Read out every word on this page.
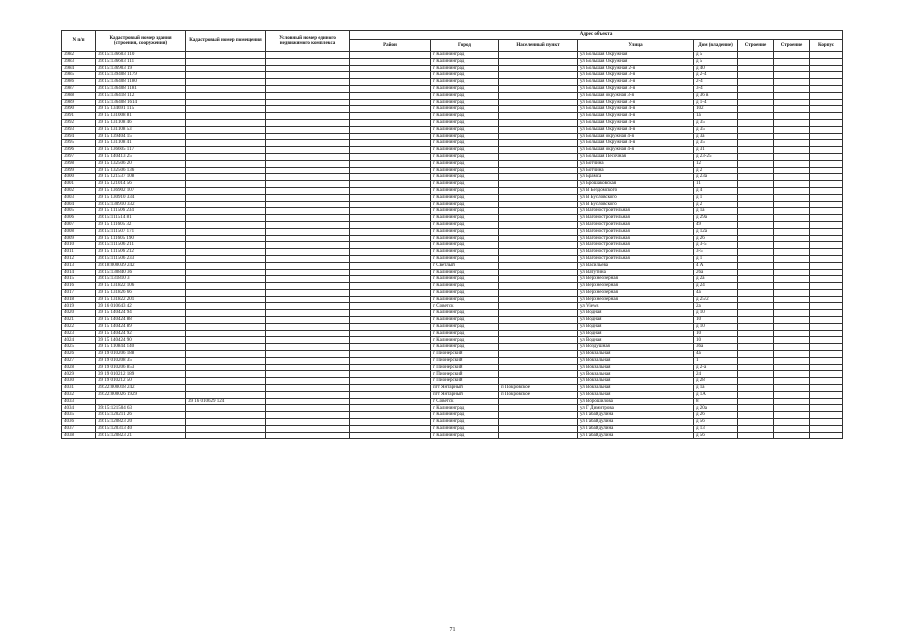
N п/п	Кадастровый номер здания (строения, сооружения)	Кадастровый номер помещения	Условный номер единого недвижимого комплекса	Адрес объекта							
				Район	Город	Населенный пункт	Улица	Дом (владение)	Строение	Строение	Корпус
3982	39:15:136603 110				г Калининград		ул Большая Окружная	д 5			
3983	39:15:136603 111				г Калининград		ул Большая Окружная	д 5			
3984	39:15:136903 19				г Калининград		ул Большая Окружная 2-я	д 40			
3985	39:15:139408 1179				г Калининград		ул Большая Окружная 3-я	д 2-4			
3986	39:15:136408 1180				г Калининград		ул Большая Окружная 3-я	2-4			
3987	39:15:136408 1181				г Калининград		ул Большая Окружная 3-я	3-4			
3988	39:15:136418 112				г Калининград		ул Большая окружная 3-я	д 36 в			
3989	39:15:136408 1614				г Калининград		ул Большая Окружная 3-я	д 1-4			
3990	39 15 134691 115				г Калининград		ул Большая Окружная 4-я	102			
3991	39 15 131008 81				г Калининград		ул Большая Окружная 4-я	1а			
3992	39 15 131108 46				г Калининград		ул Большая Окружная 4-я	д 35			
3993	39 15 131108 53				г Калининград		ул Большая Окружная 4-я	д 35			
3994	39 15 139404 15				г Калининград		ул Большая окружная 4-я	д 3а			
3995	39 15 131108 41				г Калининград		ул Большая Окружная 4-я	д 35			
3996	39 15 136605 117				г Калининград		ул Большая окружная 4-я	д 31			
3997	39 15 140413 25				г Калининград		ул Большая Песочная	д 23-25			
3998	39 15 132506 20				г Калининград		ул Ботчина	12			
3999	39 15 132506 136				г Калининград		ул Ботчина	д 2			
4000	39 15 121537 108				г Калининград		ул Брамса	д 23а			
4001	39 15 121014 56				г Калининград		ул Брошаковская	11			
4002	39 15 136902 107				г Калининград		ул В Бездомского	д 4			
4003	39 15 130910 334				г Калининград		ул В Бусловского	д 1			
4004	39:15:130910 332				г Калининград		ул В Бусловского	д 2			
4005	39 15 111506 234				г Калининград		ул Вагоностроительная	д 1а			
4006	39:15:111514 81				г Калининград		ул Вагоностроительная	д 29а			
4007	39 15 111605 32				г Калининград		ул Вагоностроительная	49			
4008	39:15:111507 171				г Калининград		ул Вагоностроительная	д 12а			
4009	39 15 111605 190				г Калининград		ул Вагоностроительная	д 26			
4010	39:15:111506 211				г Калининград		ул Вагоностроительная	д 3-5			
4011	39 15 111506 212				г Калининград		ул Вагоностроительная	3-5			
4012	39:15:111506 233				г Калининград		ул Вагоностроительная	д 1			
4013	39:18:000039 242				г Светлый		ул Васильева	4 А			
4014	39:15:130840 36				г Калининград		ул Ватутина	26а			
4015	39:15:131810 3				г Калининград		ул Верхнеозерная	д 2а			
4016	39 15 131822 106				г Калининград		ул Верхнеозерная	д 24			
4017	39 15 131826 66				г Калининград		ул Верхнеозерная	4а			
4018	39 15 131822 201				г Калининград		ул Верхнеозерная	д 25/2			
4019	39 16 010643 42				г Советск		ул Views	2а			
4020	39 15 140424 94				г Калининград		ул Водная	д 10			
4021	39 15 140424 88				г Калининград		ул Водная	10			
4022	39 15 140424 89				г Калининград		ул Водная	д 10			
4023	39 15 140424 92				г Калининград		ул Водная	10			
4024	39 15 140424 90				г Калининград		ул Водная	10			
4025	39 15 110844 140				г Калининград		ул Воздушная	36а			
4026	39 19 010206 188				г Пионерский		ул Вокзальная	4а			
4027	39 19 010208 35				г Пионерский		ул Вокзальная	1			
4028	39 19 010206 853				г Пионерский		ул Вокзальная	д 2-а			
4029	39 19 010212 189				г Пионерский		ул Вокзальная	24			
4030	39 19 010212 50				г Пионерский		ул Вокзальная	д 28			
4031	39:22:000018 242				пгт Янтарный	п Покровское	ул Вокзальная	д 1а			
4032	39:22:000026 1929				пгт Янтарный	п Покровское	ул Вокзальная	д 1А			
4033		39 16 010629 124			г Советск		ул Ворошилова	8			
4034	39:15:121504 63				г Калининград		ул Г Димитрова	д 20а			
4035	39:15:120211 26				г Калининград		ул Габайдулина	д 26			
4036	39:15:120823 20				г Калининград		ул Габайдулина	д 56			
4037	39:15:120313 40				г Калининград		ул Габайдулина	д 13			
4038	39:15:120823 21				г Калининград		ул Габайдулина	д 56			
71
